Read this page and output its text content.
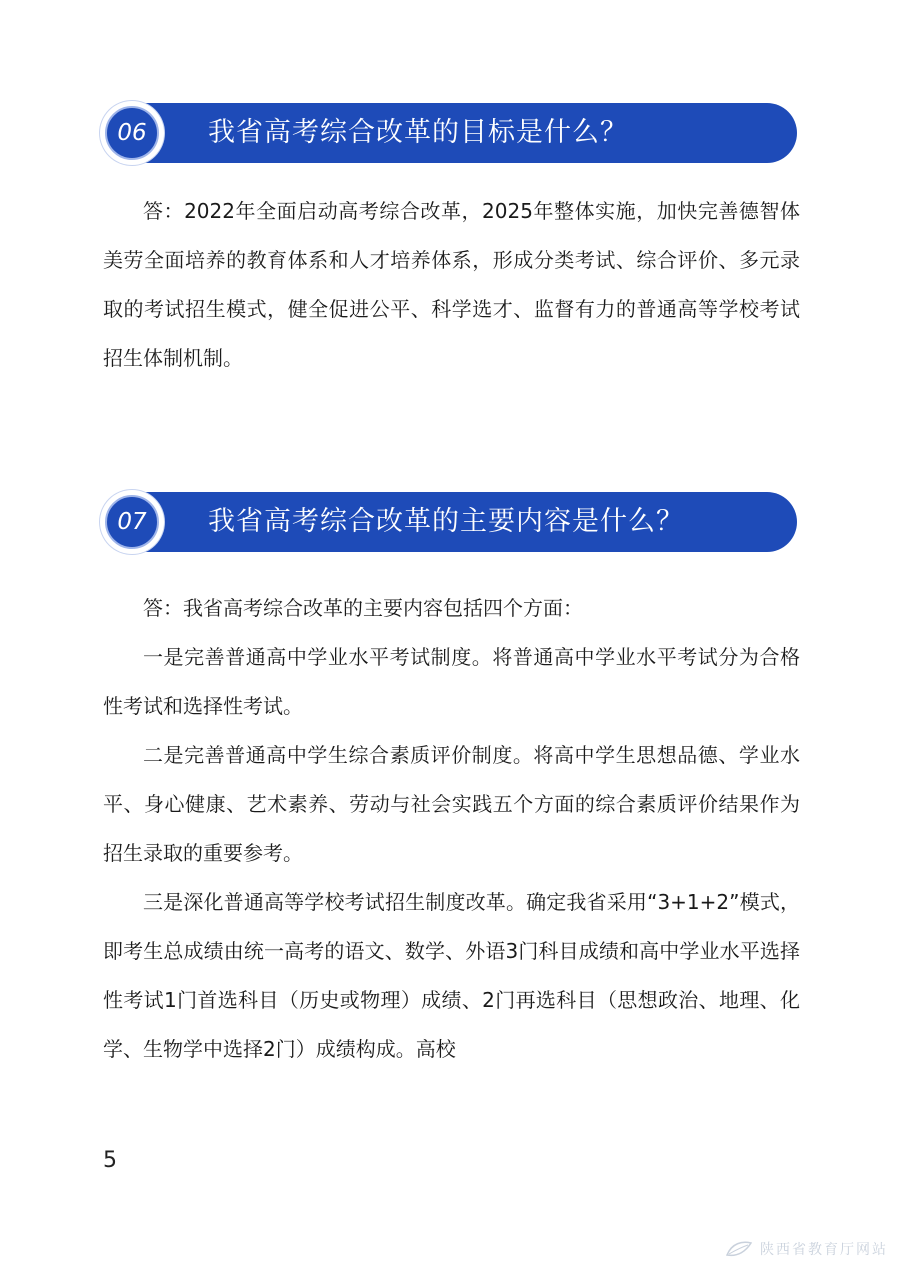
我省高考综合改革的目标是什么？
06

答：2022年全面启动高考综合改革，2025年整体实施，加快完善德智体美劳全面培养的教育体系和人才培养体系，形成分类考试、综合评价、多元录取的考试招生模式，健全促进公平、科学选才、监督有力的普通高等学校考试招生体制机制。

我省高考综合改革的主要内容是什么？
07

答：我省高考综合改革的主要内容包括四个方面：

一是完善普通高中学业水平考试制度。将普通高中学业水平考试分为合格性考试和选择性考试。

二是完善普通高中学生综合素质评价制度。将高中学生思想品德、学业水平、身心健康、艺术素养、劳动与社会实践五个方面的综合素质评价结果作为招生录取的重要参考。

三是深化普通高等学校考试招生制度改革。确定我省采用“3+1+2”模式，即考生总成绩由统一高考的语文、数学、外语3门科目成绩和高中学业水平选择性考试1门首选科目（历史或物理）成绩、2门再选科目（思想政治、地理、化学、生物学中选择2门）成绩构成。高校

5
陕西省教育厅网站
